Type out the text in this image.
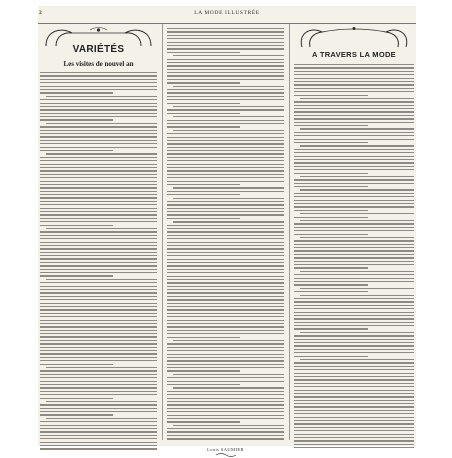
2	LA MODE ILLUSTRÉE
VARIÉTÉS
Les visites de nouvel an
Louis SAUMIER
A TRAVERS LA MODE
